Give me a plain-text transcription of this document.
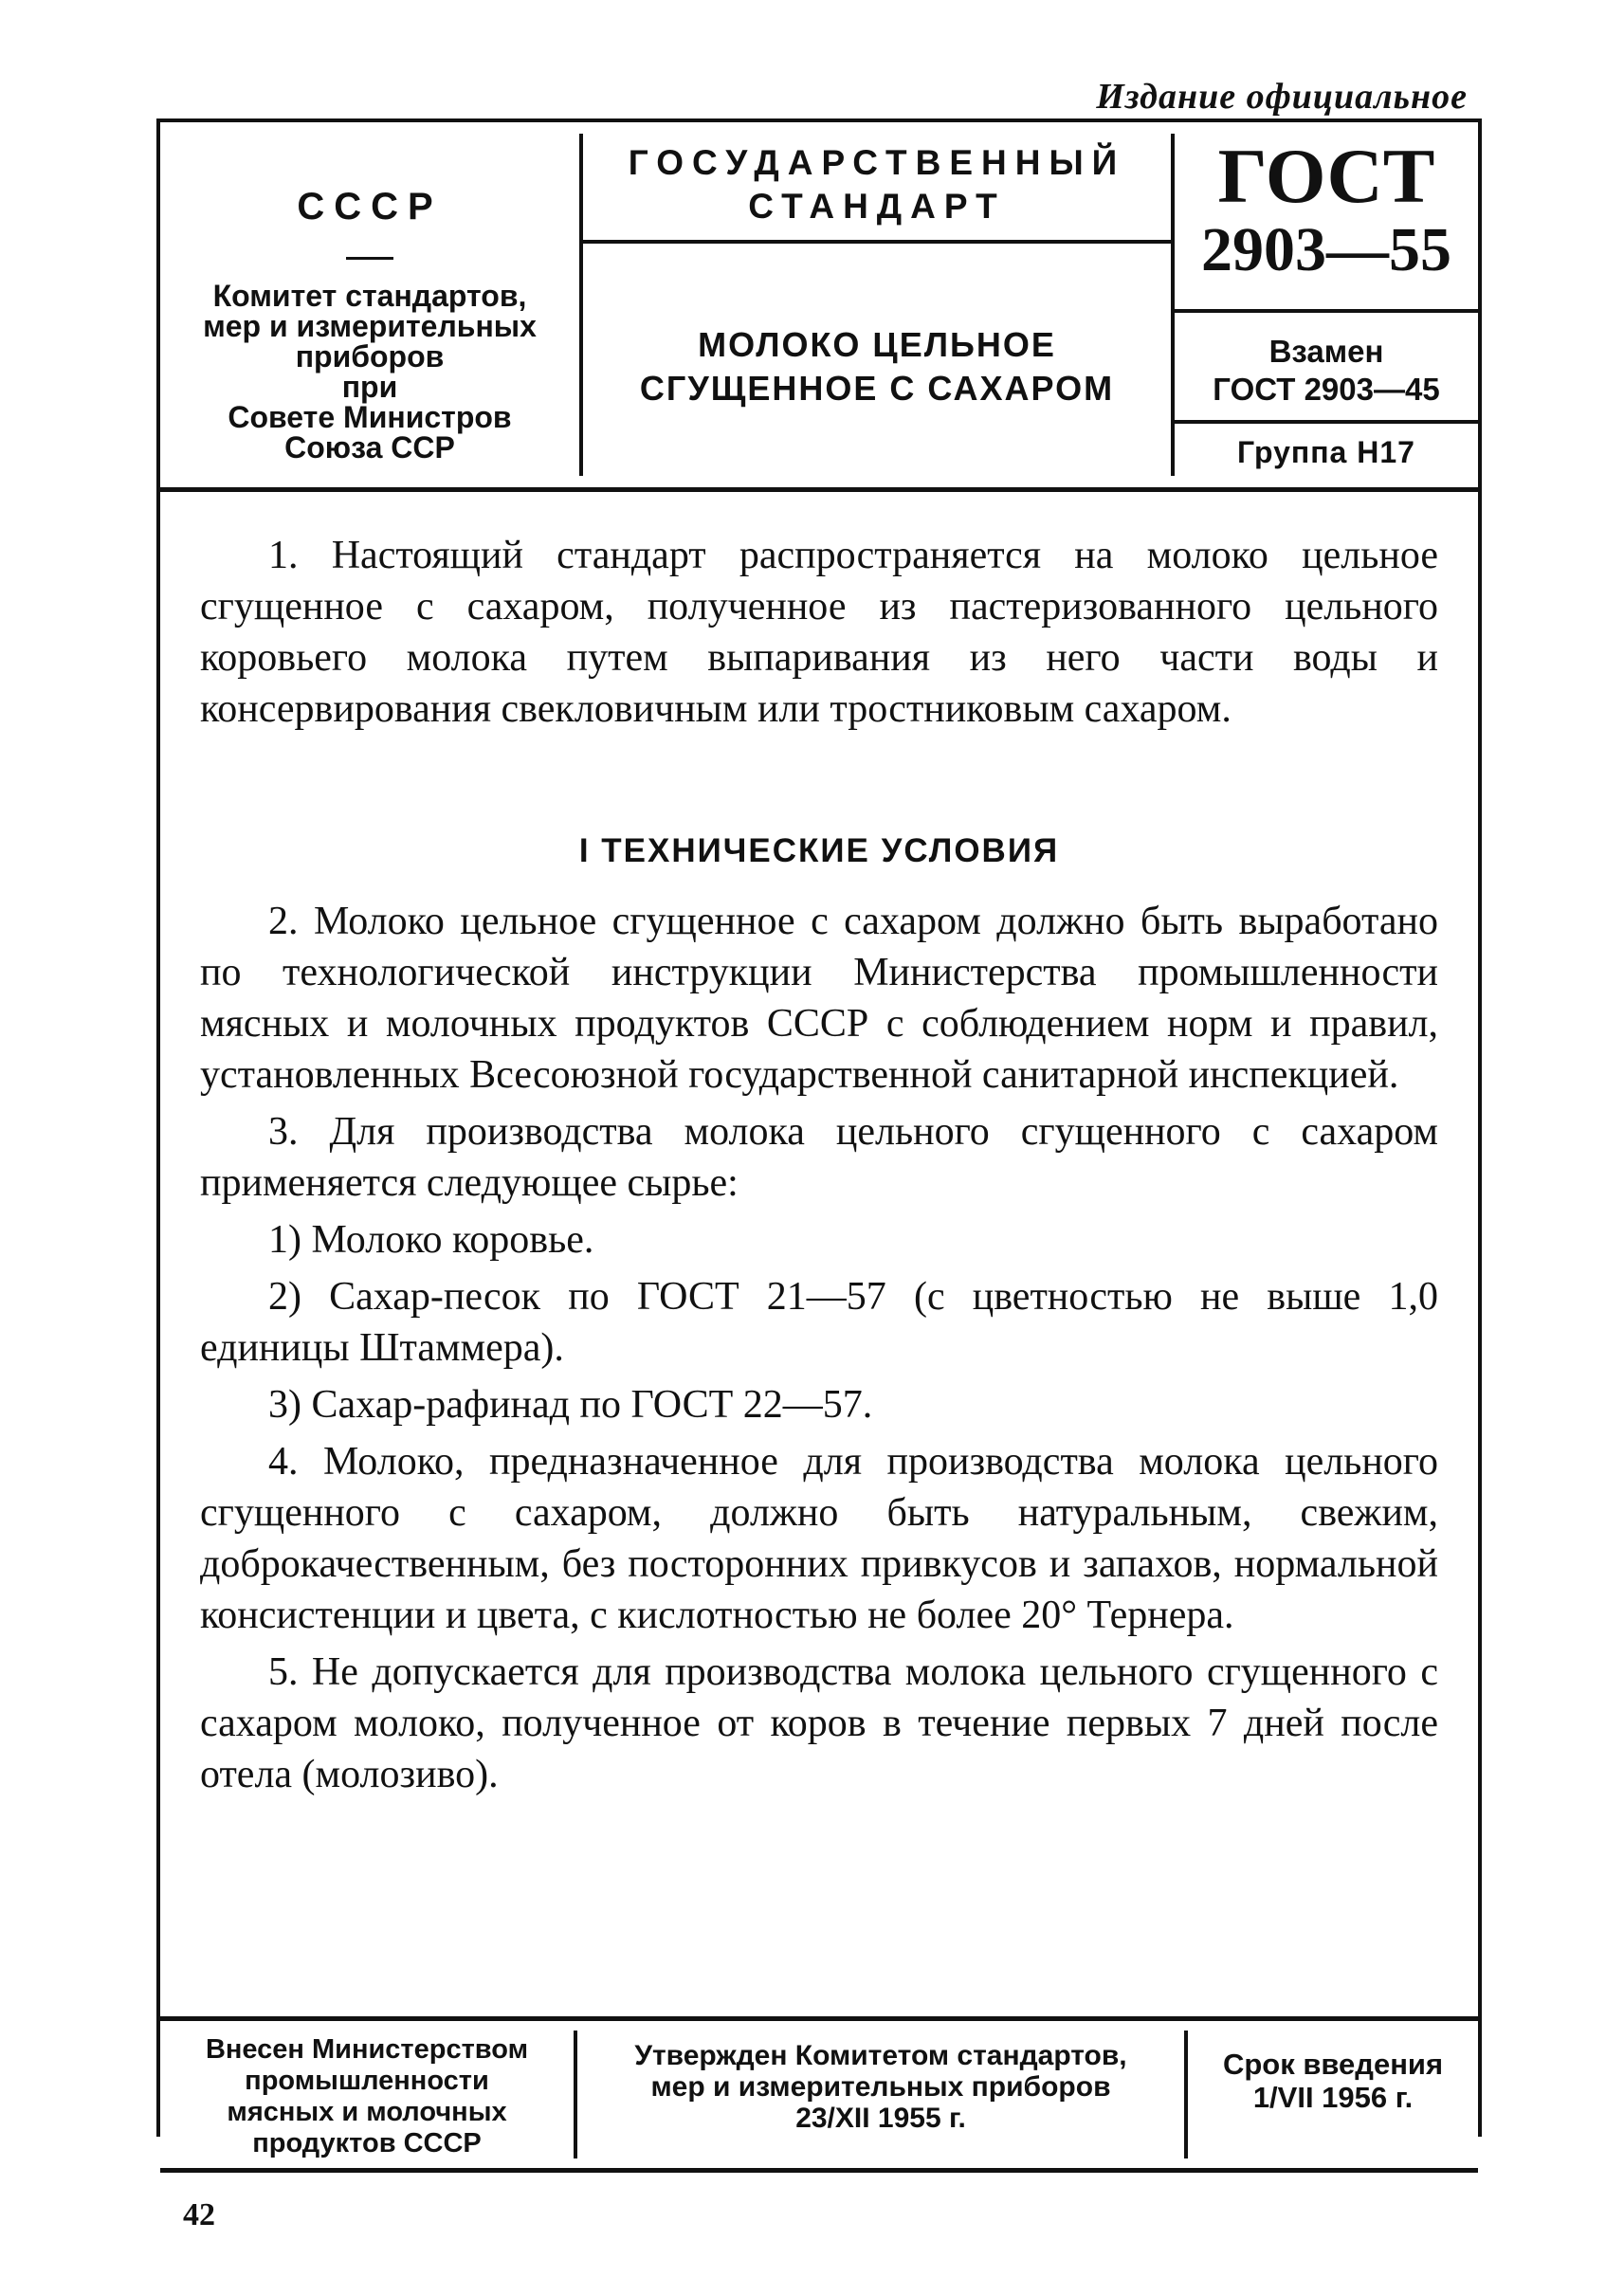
Издание официальное
СССР
Комитет стандартов,
мер и измерительных
приборов
при
Совете Министров
Союза ССР
ГОСУДАРСТВЕННЫЙ
СТАНДАРТ
МОЛОКО ЦЕЛЬНОЕ
СГУЩЕННОЕ С САХАРОМ
ГОСТ
2903—55
Взамен
ГОСТ 2903—45
Группа Н17

1. Настоящий стандарт распространяется на молоко цельное сгущенное с сахаром, полученное из пастеризованного цельного коровьего молока путем выпаривания из него части воды и консервирования свекловичным или тростниковым сахаром.

I ТЕХНИЧЕСКИЕ УСЛОВИЯ

2. Молоко цельное сгущенное с сахаром должно быть выработано по технологической инструкции Министерства промышленности мясных и молочных продуктов СССР с соблюдением норм и правил, установленных Всесоюзной государственной санитарной инспекцией.

3. Для производства молока цельного сгущенного с сахаром применяется следующее сырье:

1) Молоко коровье.

2) Сахар-песок по ГОСТ 21—57 (с цветностью не выше 1,0 единицы Штаммера).

3) Сахар-рафинад по ГОСТ 22—57.

4. Молоко, предназначенное для производства молока цельного сгущенного с сахаром, должно быть натуральным, свежим, доброкачественным, без посторонних привкусов и запахов, нормальной консистенции и цвета, с кислотностью не более 20° Тернера.

5. Не допускается для производства молока цельного сгущенного с сахаром молоко, полученное от коров в течение первых 7 дней после отела (молозиво).

Внесен Министерством
промышленности
мясных и молочных
продуктов СССР
Утвержден Комитетом стандартов,
мер и измерительных приборов
23/XII 1955 г.
Срок введения
1/VII 1956 г.
42
